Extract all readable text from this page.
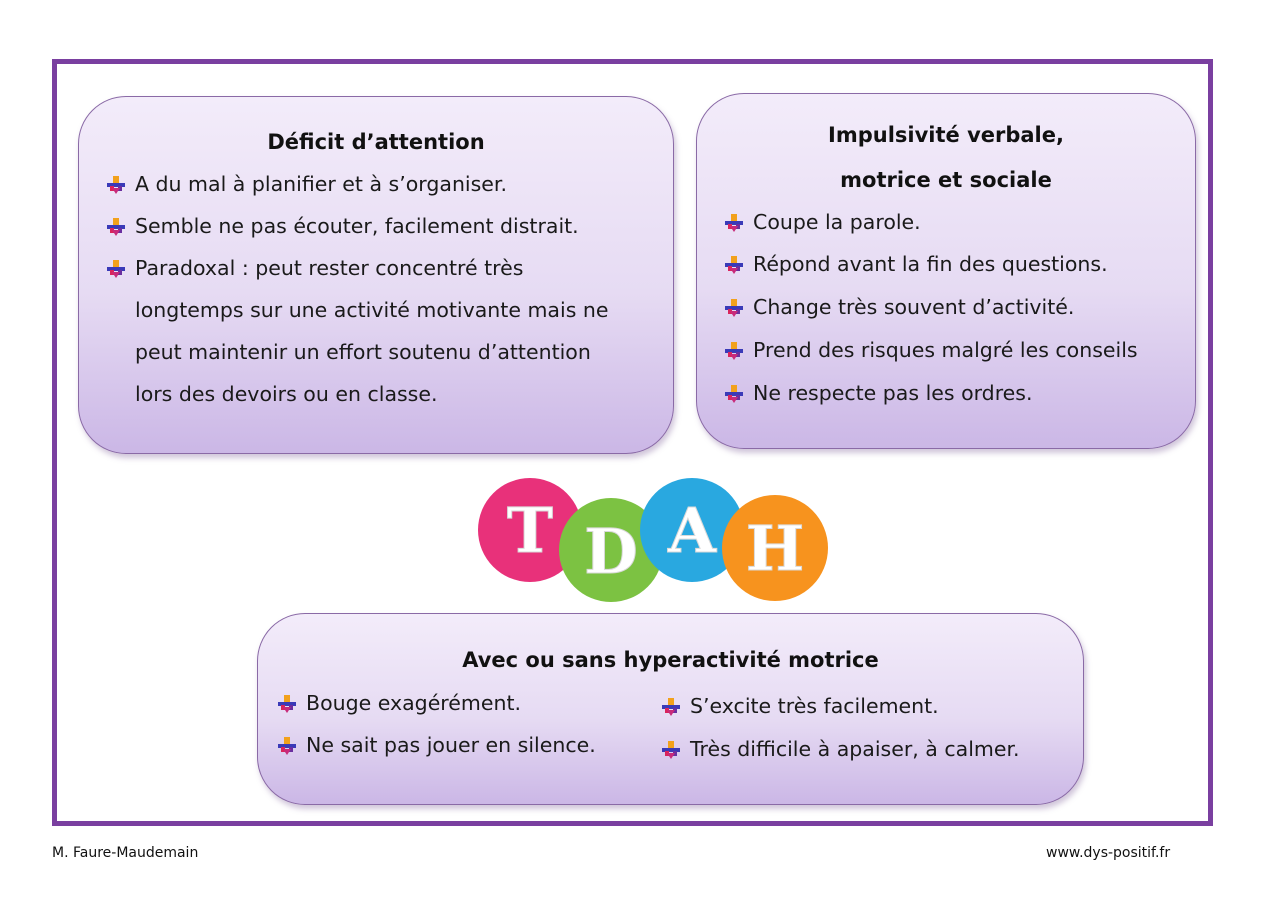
Déficit d’attention	Impulsivité verbale,
motrice et sociale
Avec ou sans hyperactivité motrice
A du mal à planifier et à s’organiser.
Semble ne pas écouter, facilement distrait.
Paradoxal : peut rester concentré très
longtemps sur une activité motivante mais ne
peut maintenir un effort soutenu d’attention
lors des devoirs ou en classe.
Coupe la parole.
Répond avant la fin des questions.
Change très souvent d’activité.
Prend des risques malgré les conseils
Ne respecte pas les ordres.
Bouge exagérément.
Ne sait pas jouer en silence.
S’excite très facilement.
Très difficile à apaiser, à calmer.
T D A H
M. Faure-Maudemain	www.dys-positif.fr
